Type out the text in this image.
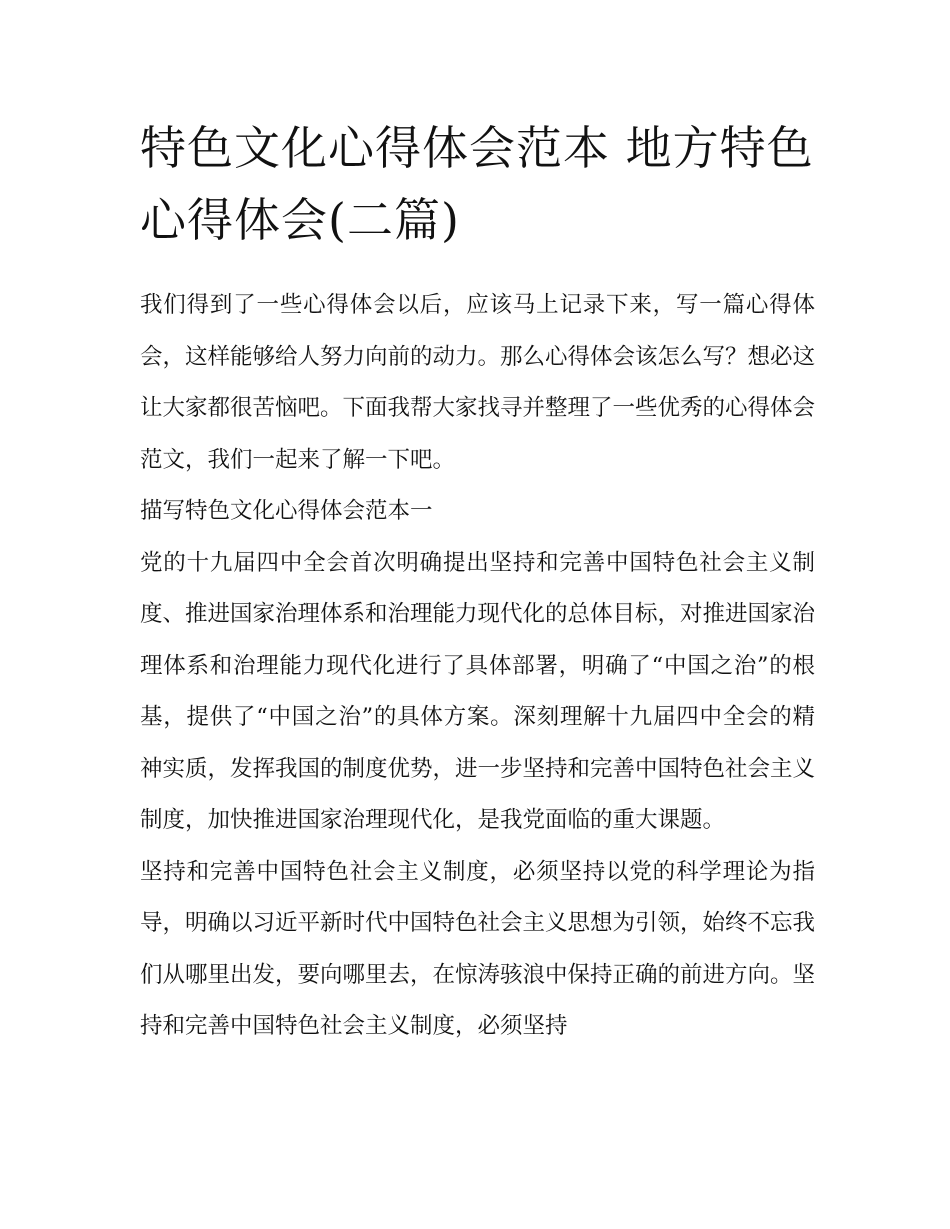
特色文化心得体会范本 地方特色心得体会(二篇)

我们得到了一些心得体会以后，应该马上记录下来，写一篇心得体会，这样能够给人努力向前的动力。那么心得体会该怎么写？想必这让大家都很苦恼吧。下面我帮大家找寻并整理了一些优秀的心得体会范文，我们一起来了解一下吧。

描写特色文化心得体会范本一

党的十九届四中全会首次明确提出坚持和完善中国特色社会主义制度、推进国家治理体系和治理能力现代化的总体目标，对推进国家治理体系和治理能力现代化进行了具体部署，明确了“中国之治”的根基，提供了“中国之治”的具体方案。深刻理解十九届四中全会的精神实质，发挥我国的制度优势，进一步坚持和完善中国特色社会主义制度，加快推进国家治理现代化，是我党面临的重大课题。

坚持和完善中国特色社会主义制度，必须坚持以党的科学理论为指导，明确以习近平新时代中国特色社会主义思想为引领，始终不忘我们从哪里出发，要向哪里去，在惊涛骇浪中保持正确的前进方向。坚持和完善中国特色社会主义制度，必须坚持
